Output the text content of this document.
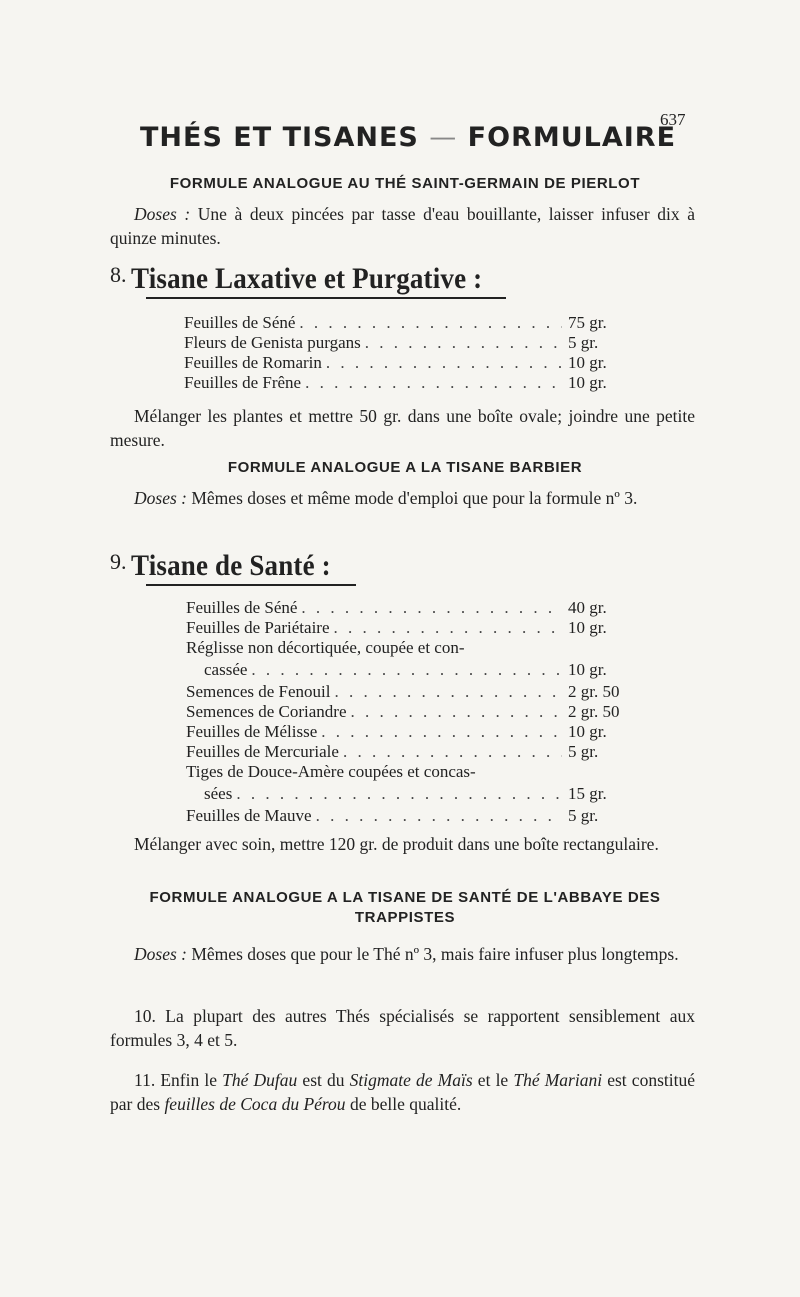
637
THÉS ET TISANES — FORMULAIRE
FORMULE ANALOGUE AU THÉ SAINT-GERMAIN DE PIERLOT
Doses : Une à deux pincées par tasse d'eau bouillante, laisser infuser dix à quinze minutes.
8. Tisane Laxative et Purgative :
Feuilles de Séné . . .	75 gr.
Fleurs de Genista purgans . . .	5 gr.
Feuilles de Romarin . . .	10 gr.
Feuilles de Frêne . . .	10 gr.
Mélanger les plantes et mettre 50 gr. dans une boîte ovale; joindre une petite mesure.
FORMULE ANALOGUE A LA TISANE BARBIER
Doses : Mêmes doses et même mode d'emploi que pour la formule nº 3.
9. Tisane de Santé :
Feuilles de Séné . . .	40 gr.
Feuilles de Pariétaire . . .	10 gr.
Réglisse non décortiquée, coupée et con-
cassée . . .	10 gr.
Semences de Fenouil . . .	2 gr. 50
Semences de Coriandre . . .	2 gr. 50
Feuilles de Mélisse . . .	10 gr.
Feuilles de Mercuriale . . .	5 gr.
Tiges de Douce-Amère coupées et concas-
sées . . .	15 gr.
Feuilles de Mauve . . .	5 gr.
Mélanger avec soin, mettre 120 gr. de produit dans une boîte rectangulaire.
FORMULE ANALOGUE A LA TISANE DE SANTÉ DE L'ABBAYE DES TRAPPISTES
Doses : Mêmes doses que pour le Thé nº 3, mais faire infuser plus longtemps.
10. La plupart des autres Thés spécialisés se rapportent sensiblement aux formules 3, 4 et 5.
11. Enfin le Thé Dufau est du Stigmate de Maïs et le Thé Mariani est constitué par des feuilles de Coca du Pérou de belle qualité.
